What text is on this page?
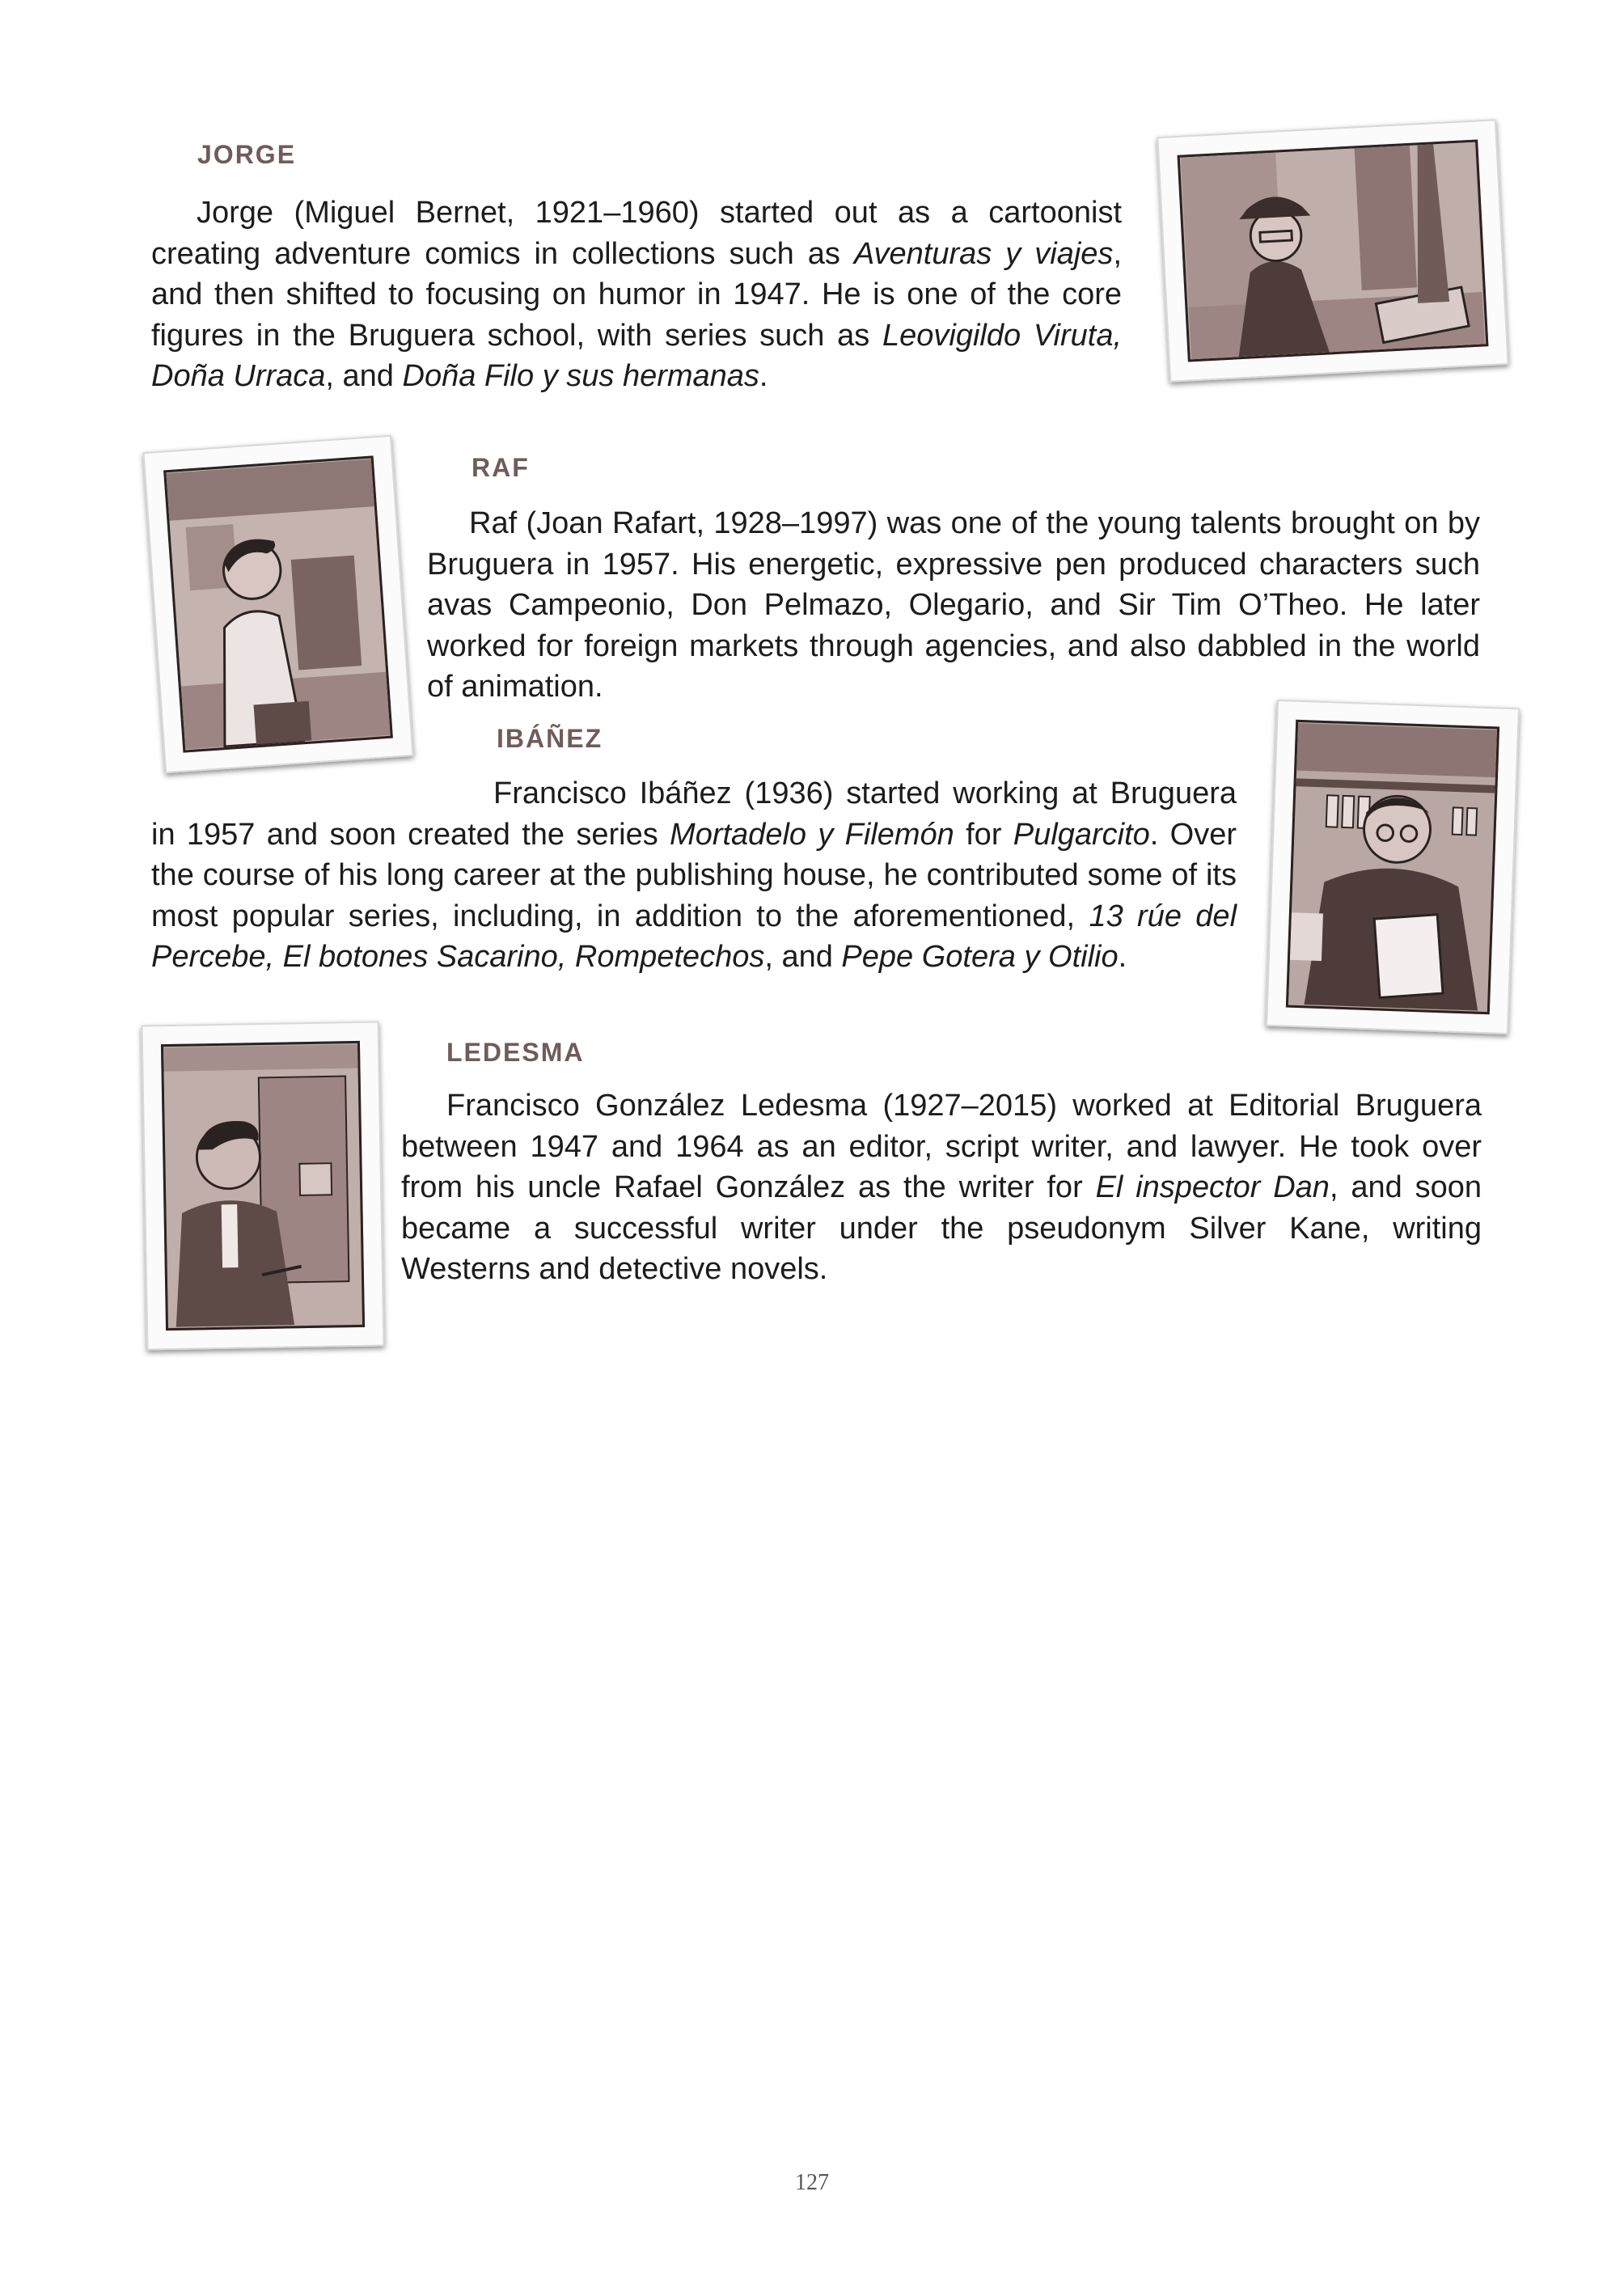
JORGE

Jorge (Miguel Bernet, 1921–1960) started out as a cartoonist creating adventure comics in collections such as Aventuras y viajes, and then shifted to focusing on humor in 1947. He is one of the core figures in the Bruguera school, with series such as Leovigildo Viruta, Doña Urraca, and Doña Filo y sus hermanas.

RAF

Raf (Joan Rafart, 1928–1997) was one of the young talents brought on by Bruguera in 1957. His energetic, expressive pen produced characters such avas Campeonio, Don Pelmazo, Olegario, and Sir Tim O’Theo. He later worked for foreign markets through agencies, and also dabbled in the world of animation.

IBÁÑEZ

Francisco Ibáñez (1936) started working at Bruguera in 1957 and soon created the series Mortadelo y Filemón for Pulgarcito. Over the course of his long career at the publishing house, he contributed some of its most popular series, including, in addition to the aforementioned, 13 rúe del Percebe, El botones Sacarino, Rompetechos, and Pepe Gotera y Otilio.

LEDESMA

Francisco González Ledesma (1927–2015) worked at Editorial Bruguera between 1947 and 1964 as an editor, script writer, and lawyer. He took over from his uncle Rafael González as the writer for El inspector Dan, and soon became a successful writer under the pseudonym Silver Kane, writing Westerns and detective novels.

127
